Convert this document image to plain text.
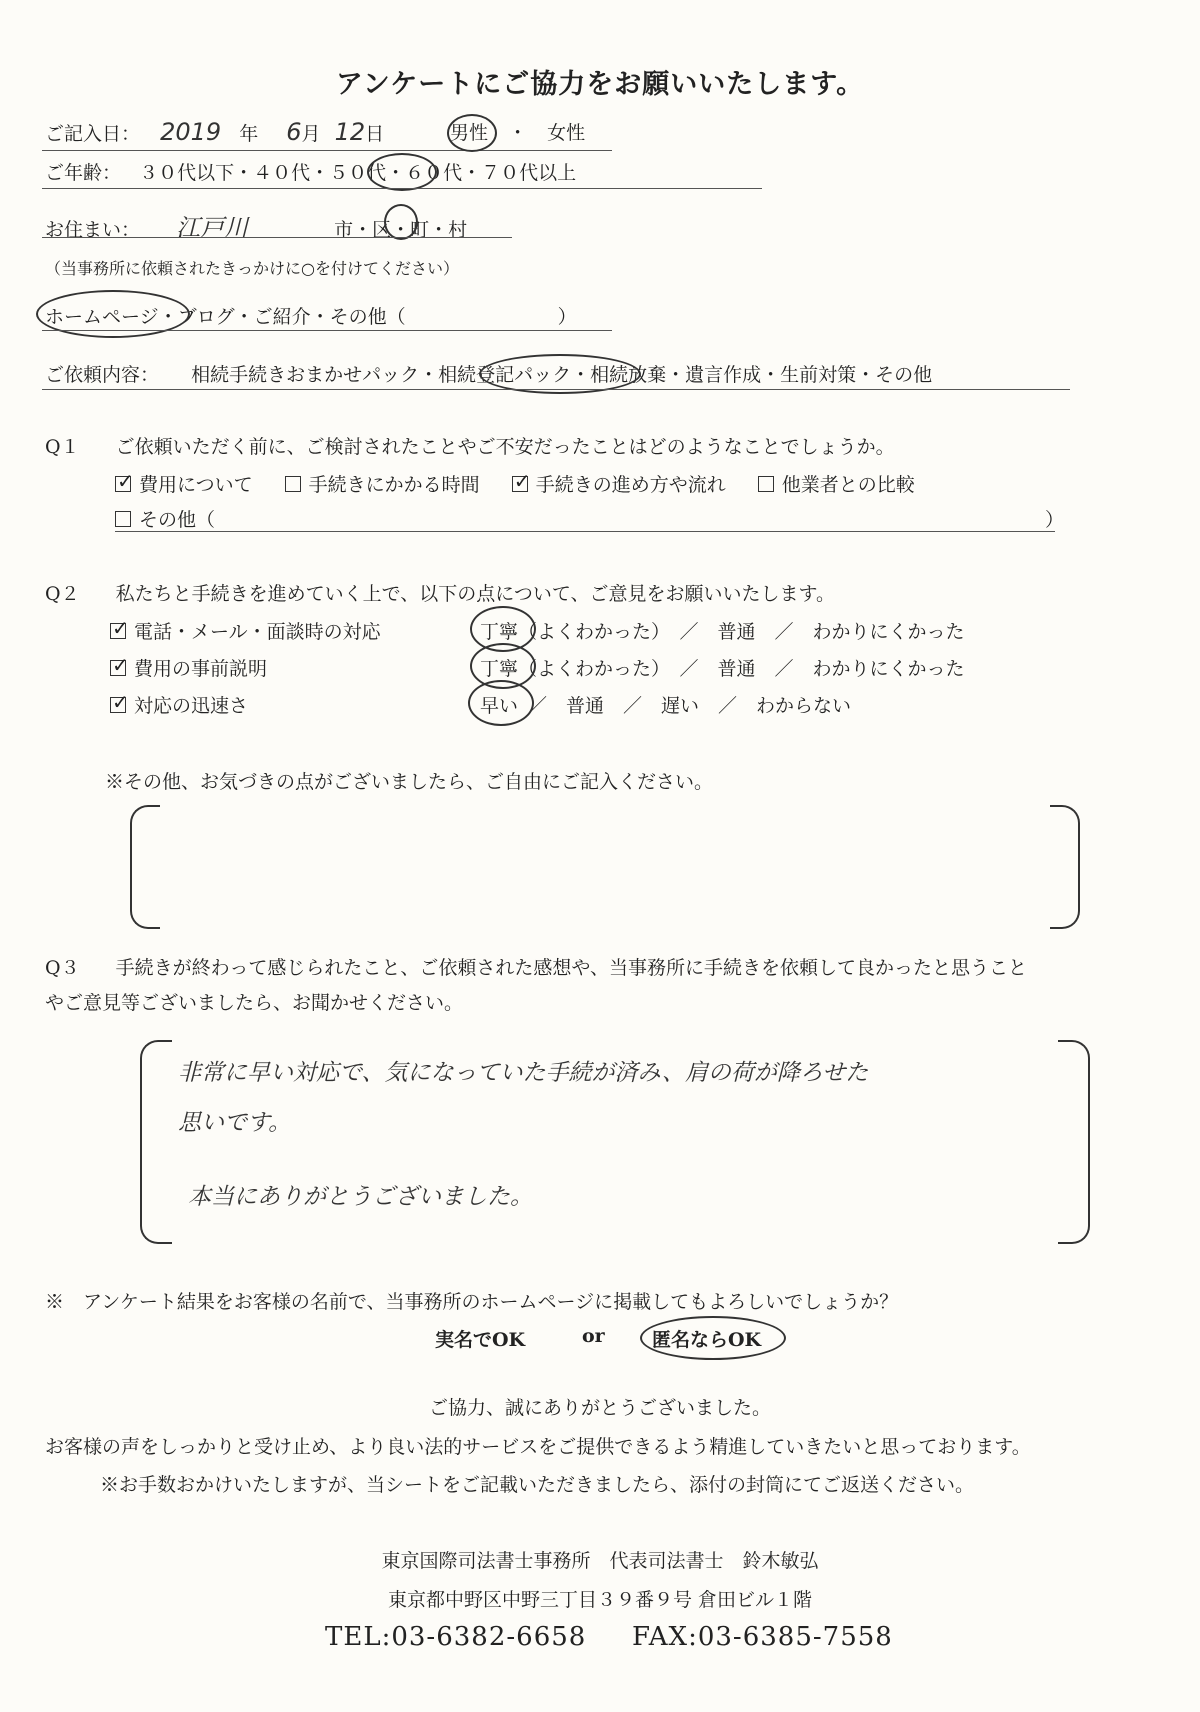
アンケートにご協力をお願いいたします。
ご記入日： 2019 年 6月 12日	男性 ・ 女性
ご年齢： ３０代以下・４０代・５０代・６０代・７０代以上
お住まい： 江戸川	市・区・町・村
（当事務所に依頼されたきっかけに○を付けてください）
ホームページ・ブログ・ご紹介・その他（　　　　　　　　）
ご依頼内容： 相続手続きおまかせパック・相続登記パック・相続放棄・遺言作成・生前対策・その他
Q１ ご依頼いただく前に、ご検討されたことやご不安だったことはどのようなことでしょうか。
✓費用について	手続きにかかる時間 ✓	手続きの進め方や流れ	他業者との比較
その他（	）
Q２ 私たちと手続きを進めていく上で、以下の点について、ご意見をお願いいたします。
✓電話・メール・面談時の対応	丁寧（よくわかった）　／　普通　／　わかりにくかった
✓費用の事前説明	丁寧（よくわかった）　／　普通　／　わかりにくかった
✓対応の迅速さ	早い ／　普通　／　遅い　／　わからない
※その他、お気づきの点がございましたら、ご自由にご記入ください。
Q３ 手続きが終わって感じられたこと、ご依頼された感想や、当事務所に手続きを依頼して良かったと思うこと
やご意見等ございましたら、お聞かせください。
非常に早い対応で、気になっていた手続が済み、肩の荷が降ろせた
思いです。
本当にありがとうございました。
※　アンケート結果をお客様の名前で、当事務所のホームページに掲載してもよろしいでしょうか？
実名でOK	or 匿名ならOK
ご協力、誠にありがとうございました。
お客様の声をしっかりと受け止め、より良い法的サービスをご提供できるよう精進していきたいと思っております。
※お手数おかけいたしますが、当シートをご記載いただきましたら、添付の封筒にてご返送ください。
東京国際司法書士事務所　代表司法書士　鈴木敏弘
東京都中野区中野三丁目３９番９号 倉田ビル１階
TEL:03-6382-6658 FAX:03-6385-7558
